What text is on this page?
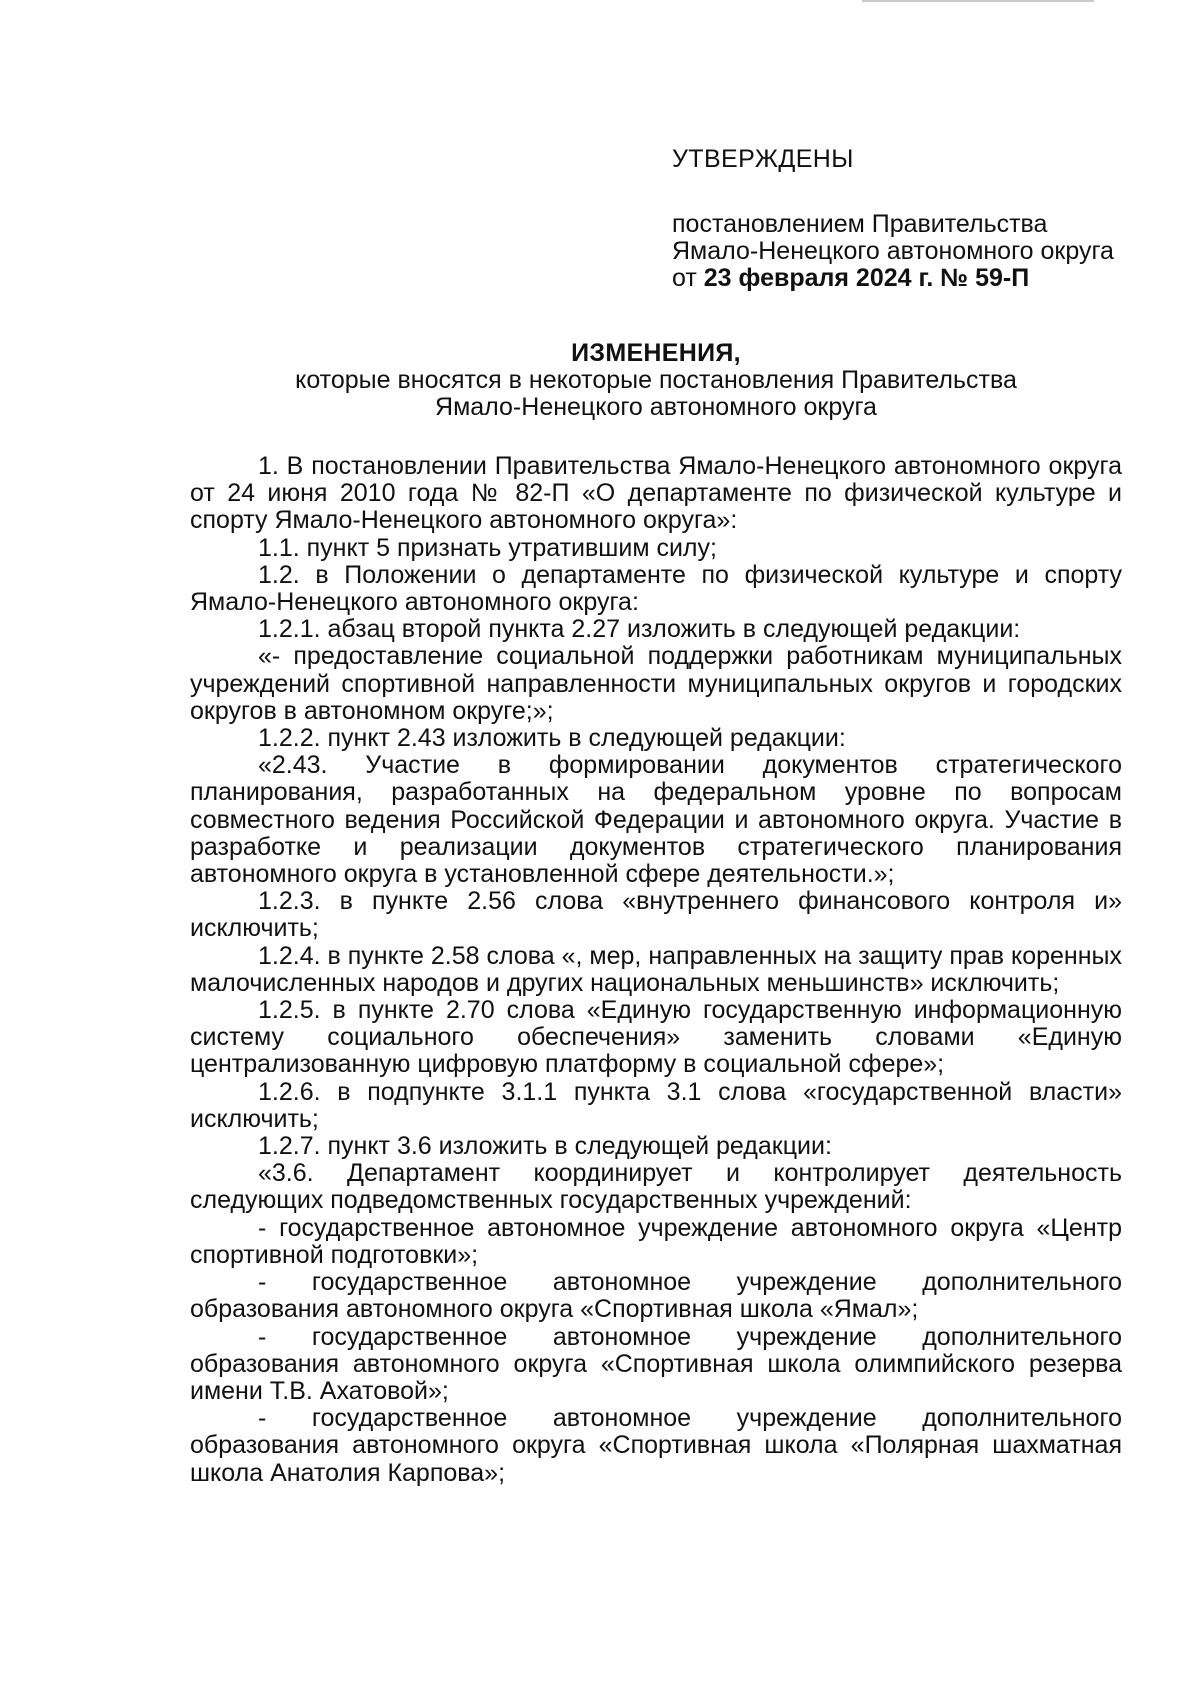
УТВЕРЖДЕНЫ

постановлением Правительства

Ямало-Ненецкого автономного округа

от 23 февраля 2024 г. № 59-П

ИЗМЕНЕНИЯ,

которые вносятся в некоторые постановления Правительства

Ямало-Ненецкого автономного округа

1. В постановлении Правительства Ямало-Ненецкого автономного округа от 24 июня 2010 года № 82-П «О департаменте по физической культуре и спорту Ямало-Ненецкого автономного округа»:

1.1. пункт 5 признать утратившим силу;

1.2. в Положении о департаменте по физической культуре и спорту Ямало-Ненецкого автономного округа:

1.2.1. абзац второй пункта 2.27 изложить в следующей редакции:

«- предоставление социальной поддержки работникам муниципальных учреждений спортивной направленности муниципальных округов и городских округов в автономном округе;»;

1.2.2. пункт 2.43 изложить в следующей редакции:

«2.43. Участие в формировании документов стратегического планирования, разработанных на федеральном уровне по вопросам совместного ведения Российской Федерации и автономного округа. Участие в разработке и реализации документов стратегического планирования автономного округа в установленной сфере деятельности.»;

1.2.3. в пункте 2.56 слова «внутреннего финансового контроля и» исключить;

1.2.4. в пункте 2.58 слова «, мер, направленных на защиту прав коренных малочисленных народов и других национальных меньшинств» исключить;

1.2.5. в пункте 2.70 слова «Единую государственную информационную систему социального обеспечения» заменить словами «Единую централизованную цифровую платформу в социальной сфере»;

1.2.6. в подпункте 3.1.1 пункта 3.1 слова «государственной власти» исключить;

1.2.7. пункт 3.6 изложить в следующей редакции:

«3.6. Департамент координирует и контролирует деятельность следующих подведомственных государственных учреждений:

- государственное автономное учреждение автономного округа «Центр спортивной подготовки»;

- государственное автономное учреждение дополнительного образования автономного округа «Спортивная школа «Ямал»;

- государственное автономное учреждение дополнительного образования автономного округа «Спортивная школа олимпийского резерва имени Т.В. Ахатовой»;

- государственное автономное учреждение дополнительного образования автономного округа «Спортивная школа «Полярная шахматная школа Анатолия Карпова»;
